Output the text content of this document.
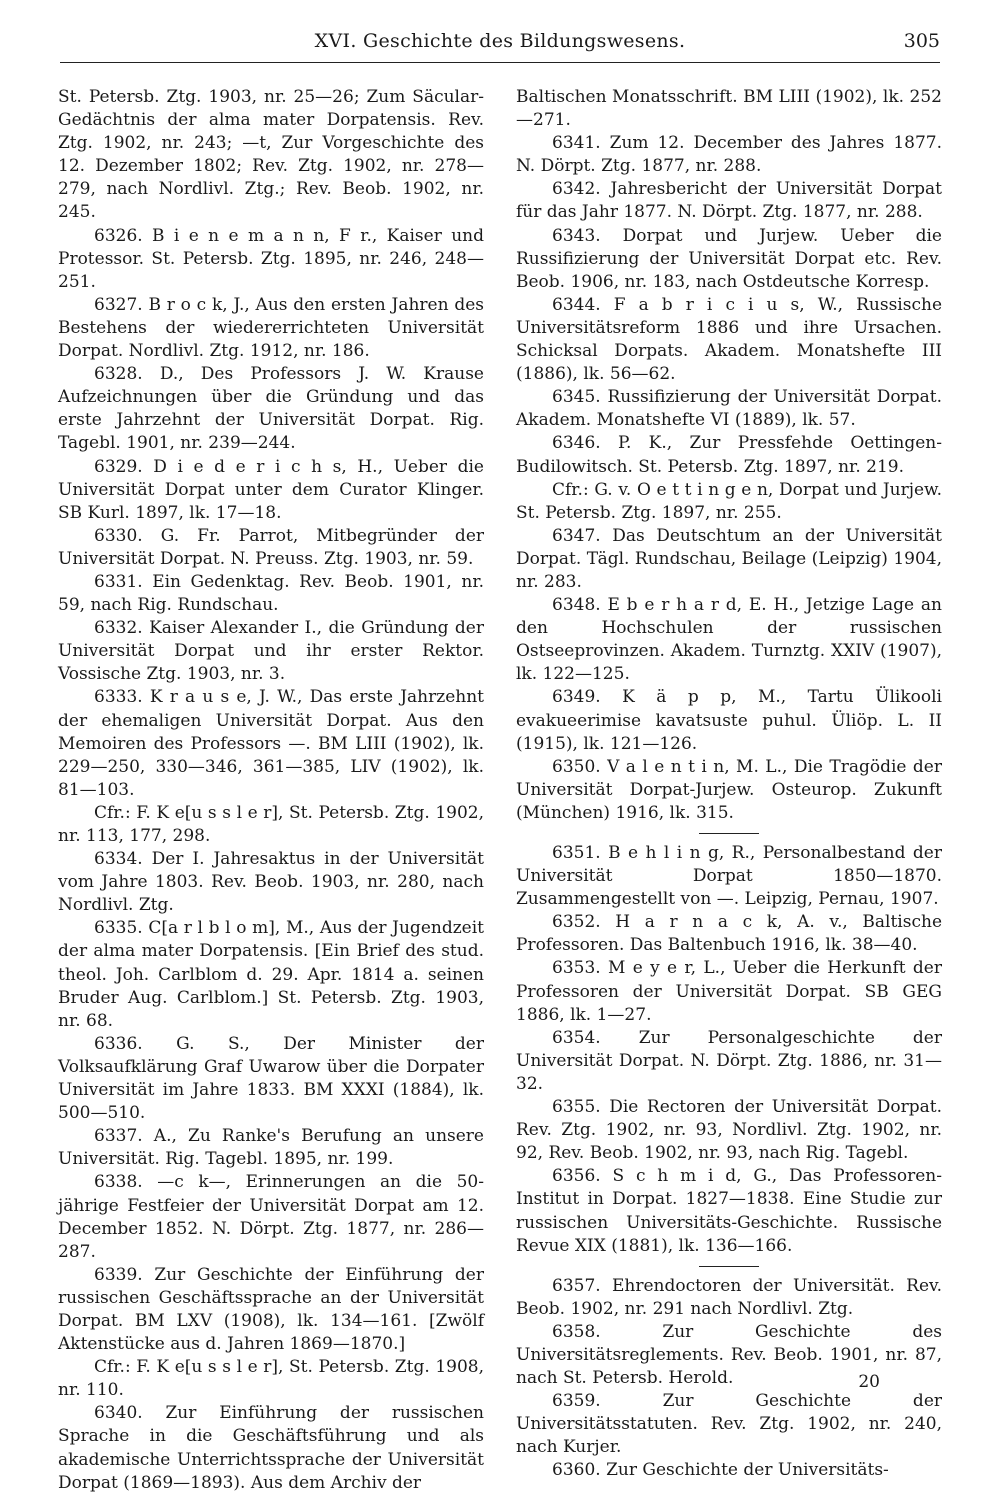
XVI. Geschichte des Bildungswesens.	305

St. Petersb. Ztg. 1903, nr. 25—26; Zum Säcular-Gedächtnis der alma mater Dorpatensis. Rev. Ztg. 1902, nr. 243; —t, Zur Vorgeschichte des 12. Dezember 1802; Rev. Ztg. 1902, nr. 278—279, nach Nordlivl. Ztg.; Rev. Beob. 1902, nr. 245.

6326. B i e n e m a n n, F r., Kaiser und Protessor. St. Petersb. Ztg. 1895, nr. 246, 248—251.

6327. B r o c k, J., Aus den ersten Jahren des Bestehens der wiedererrichteten Universität Dorpat. Nordlivl. Ztg. 1912, nr. 186.

6328. D., Des Professors J. W. Krause Aufzeichnungen über die Gründung und das erste Jahrzehnt der Universität Dorpat. Rig. Tagebl. 1901, nr. 239—244.

6329. D i e d e r i c h s, H., Ueber die Universität Dorpat unter dem Curator Klinger. SB Kurl. 1897, lk. 17—18.

6330. G. Fr. Parrot, Mitbegründer der Universität Dorpat. N. Preuss. Ztg. 1903, nr. 59.

6331. Ein Gedenktag. Rev. Beob. 1901, nr. 59, nach Rig. Rundschau.

6332. Kaiser Alexander I., die Gründung der Universität Dorpat und ihr erster Rektor. Vossische Ztg. 1903, nr. 3.

6333. K r a u s e, J. W., Das erste Jahrzehnt der ehemaligen Universität Dorpat. Aus den Memoiren des Professors —. BM LIII (1902), lk. 229—250, 330—346, 361—385, LIV (1902), lk. 81—103.

Cfr.: F. K e[u s s l e r], St. Petersb. Ztg. 1902, nr. 113, 177, 298.

6334. Der I. Jahresaktus in der Universität vom Jahre 1803. Rev. Beob. 1903, nr. 280, nach Nordlivl. Ztg.

6335. C[a r l b l o m], M., Aus der Jugendzeit der alma mater Dorpatensis. [Ein Brief des stud. theol. Joh. Carlblom d. 29. Apr. 1814 a. seinen Bruder Aug. Carlblom.] St. Petersb. Ztg. 1903, nr. 68.

6336. G. S., Der Minister der Volksaufklärung Graf Uwarow über die Dorpater Universität im Jahre 1833. BM XXXI (1884), lk. 500—510.

6337. A., Zu Ranke's Berufung an unsere Universität. Rig. Tagebl. 1895, nr. 199.

6338. —c k—, Erinnerungen an die 50-jährige Festfeier der Universität Dorpat am 12. December 1852. N. Dörpt. Ztg. 1877, nr. 286—287.

6339. Zur Geschichte der Einführung der russischen Geschäftssprache an der Universität Dorpat. BM LXV (1908), lk. 134—161. [Zwölf Aktenstücke aus d. Jahren 1869—1870.]

Cfr.: F. K e[u s s l e r], St. Petersb. Ztg. 1908, nr. 110.

6340. Zur Einführung der russischen Sprache in die Geschäftsführung und als akademische Unterrichtssprache der Universität Dorpat (1869—1893). Aus dem Archiv der

Baltischen Monatsschrift. BM LIII (1902), lk. 252—271.

6341. Zum 12. December des Jahres 1877. N. Dörpt. Ztg. 1877, nr. 288.

6342. Jahresbericht der Universität Dorpat für das Jahr 1877. N. Dörpt. Ztg. 1877, nr. 288.

6343. Dorpat und Jurjew. Ueber die Russifizierung der Universität Dorpat etc. Rev. Beob. 1906, nr. 183, nach Ostdeutsche Korresp.

6344. F a b r i c i u s, W., Russische Universitätsreform 1886 und ihre Ursachen. Schicksal Dorpats. Akadem. Monatshefte III (1886), lk. 56—62.

6345. Russifizierung der Universität Dorpat. Akadem. Monatshefte VI (1889), lk. 57.

6346. P. K., Zur Pressfehde Oettingen-Budilowitsch. St. Petersb. Ztg. 1897, nr. 219.

Cfr.: G. v. O e t t i n g e n, Dorpat und Jurjew. St. Petersb. Ztg. 1897, nr. 255.

6347. Das Deutschtum an der Universität Dorpat. Tägl. Rundschau, Beilage (Leipzig) 1904, nr. 283.

6348. E b e r h a r d, E. H., Jetzige Lage an den Hochschulen der russischen Ostseeprovinzen. Akadem. Turnztg. XXIV (1907), lk. 122—125.

6349. K ä p p, M., Tartu Ülikooli evakueerimise kavatsuste puhul. Üliöp. L. II (1915), lk. 121—126.

6350. V a l e n t i n, M. L., Die Tragödie der Universität Dorpat-Jurjew. Osteurop. Zukunft (München) 1916, lk. 315.

6351. B e h l i n g, R., Personalbestand der Universität Dorpat 1850—1870. Zusammengestellt von —. Leipzig, Pernau, 1907.

6352. H a r n a c k, A. v., Baltische Professoren. Das Baltenbuch 1916, lk. 38—40.

6353. M e y e r, L., Ueber die Herkunft der Professoren der Universität Dorpat. SB GEG 1886, lk. 1—27.

6354. Zur Personalgeschichte der Universität Dorpat. N. Dörpt. Ztg. 1886, nr. 31—32.

6355. Die Rectoren der Universität Dorpat. Rev. Ztg. 1902, nr. 93, Nordlivl. Ztg. 1902, nr. 92, Rev. Beob. 1902, nr. 93, nach Rig. Tagebl.

6356. S c h m i d, G., Das Professoren-Institut in Dorpat. 1827—1838. Eine Studie zur russischen Universitäts-Geschichte. Russische Revue XIX (1881), lk. 136—166.

6357. Ehrendoctoren der Universität. Rev. Beob. 1902, nr. 291 nach Nordlivl. Ztg.

6358. Zur Geschichte des Universitätsreglements. Rev. Beob. 1901, nr. 87, nach St. Petersb. Herold.

6359. Zur Geschichte der Universitätsstatuten. Rev. Ztg. 1902, nr. 240, nach Kurjer.

6360. Zur Geschichte der Universitäts-

20
